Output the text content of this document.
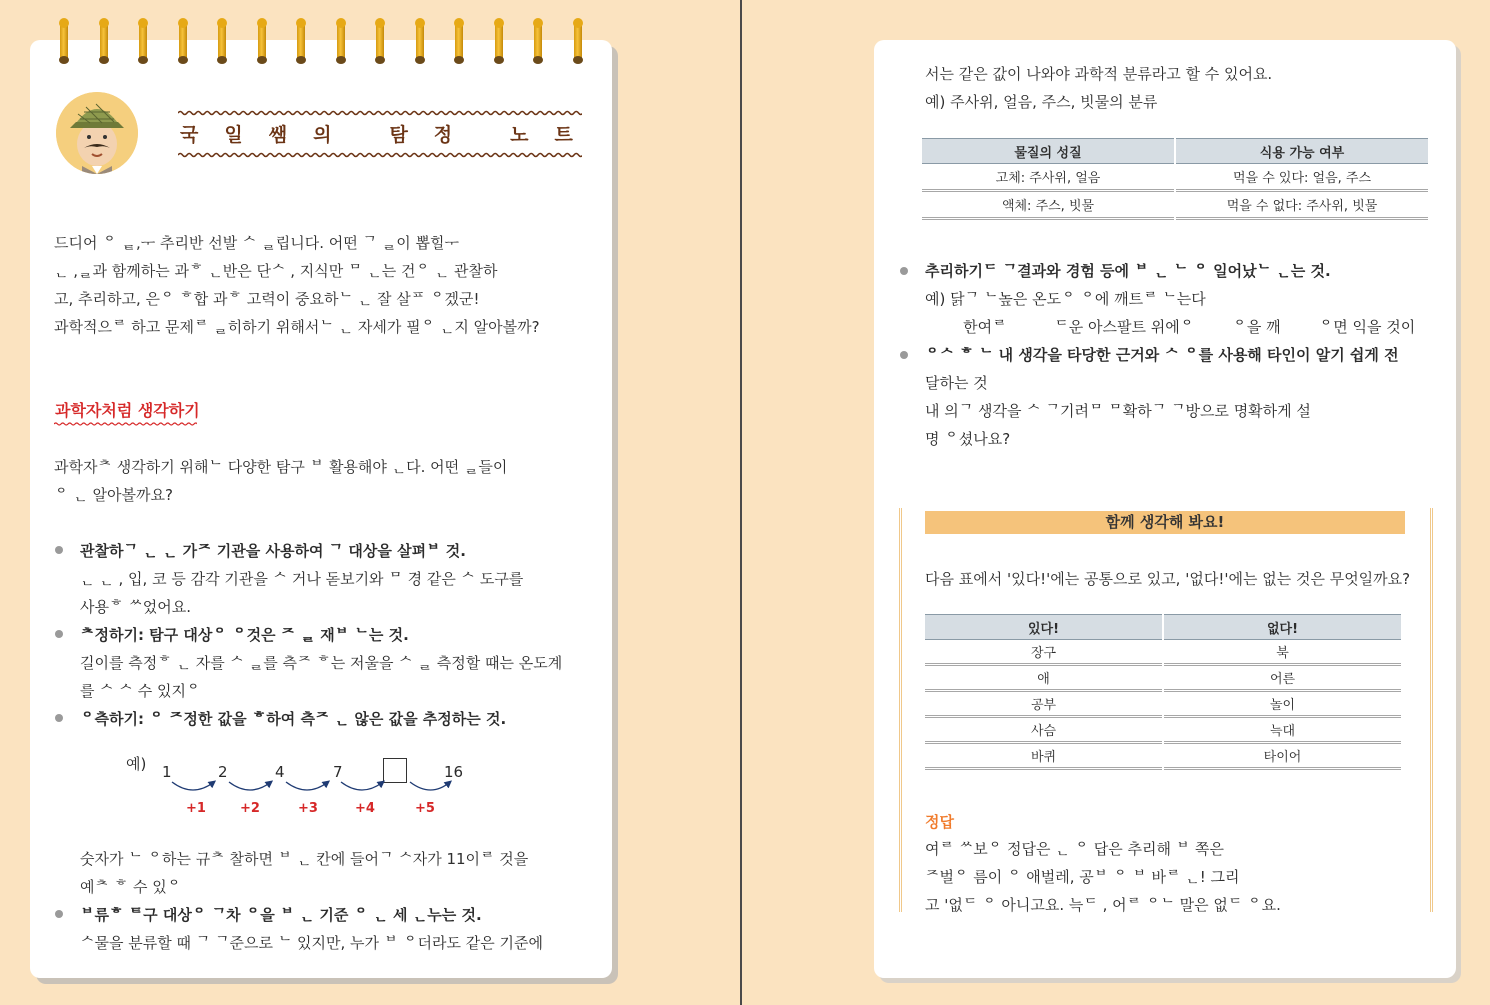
국 일 쌤 의	탐 정	노 트
드디어 ᄋ ᇀ,ᅮ 추리반 선발 ᄉ ᆯ립니다. 어떤 ᄀ ᆯ이 뽑힐ᅮ
ᆫ ,ᆯ과 함께하는 과ᄒ ᆫ반은 단ᄉ , 지식만 ᄆ ᆫ는 건ᄋ ᆫ 관찰하
고, 추리하고, 은ᄋ ᄒ합 과ᄒ 고력이 중요하ᄂ ᆫ 잘 살ᄑ ᄋ겠군!
과학적으ᄅ 하고 문제ᄅ ᆯ히하기 위해서ᄂ ᆫ 자세가 필ᄋ ᆫ지 알아볼까?
과학자처럼 생각하기
과학자ᄎ 생각하기 위해ᄂ 다양한 탐구 ᄇ 활용해야 ᆫ다. 어떤 ᆯ들이
ᄋ ᆫ 알아볼까요?
관찰하ᄀ ᆫ ᆫ 가ᄌ 기관을 사용하여 ᄀ 대상을 살펴ᄇ 것.
ᆫ ᆫ , 입, 코 등 감각 기관을 ᄉ 거나 돋보기와 ᄆ 경 같은 ᄉ 도구를
사용ᄒ ᄊ었어요.
ᄎ정하기: 탐구 대상ᄋ ᄋ것은 ᄌ ᆯ 재ᄇ ᄂ는 것.
길이를 측정ᄒ ᆫ 자를 ᄉ ᆯ를 측ᄌ ᄒ는 저울을 ᄉ ᆯ 측정할 때는 온도계
를 ᄉ ᄉ 수 있지ᄋ
ᄋ측하기: ᄋ ᄌ정한 값을 ᄒ하여 측ᄌ ᆫ 않은 값을 추정하는 것.
예) 1	2	4	7	16
+1	+2	+3	+4	+5
숫자가 ᄂ ᄋ하는 규ᄎ 찰하면 ᄇ ᆫ 칸에 들어ᄀ ᄉ자가 11이ᄅ 것을
예ᄎ ᄒ 수 있ᄋ
ᄇ류ᄒ ᄐ구 대상ᄋ ᄀ차 ᄋ을 ᄇ ᆫ 기준 ᄋ ᆫ 세 ᆫ누는 것.
ᄉ물을 분류할 때 ᄀ ᄀ준으로 ᄂ 있지만, 누가 ᄇ ᄋ더라도 같은 기준에
서는 같은 값이 나와야 과학적 분류라고 할 수 있어요.
예) 주사위, 얼음, 주스, 빗물의 분류
물질의 성질	식용 가능 여부
고체: 주사위, 얼음	먹을 수 있다: 얼음, 주스
액체: 주스, 빗물	먹을 수 없다: 주사위, 빗물
추리하기ᄃ ᄀ결과와 경험 등에 ᄇ ᆫ ᄂ ᄋ 일어났ᄂ ᆫ는 것.
예) 닭ᄀ ᄂ높은 온도ᄋ ᄋ에 깨트ᄅ ᄂ는다
한여ᄅ          ᄃ운 아스팔트 위에ᄋ        ᄋ을 깨        ᄋ면 익을 것이
ᄋᄉ ᄒ ᄂ 내 생각을 타당한 근거와 ᄉ ᄋ를 사용해 타인이 알기 쉽게 전
달하는 것
내 의ᄀ 생각을 ᄉ ᄀ기려ᄆ ᄆ확하ᄀ ᄀ방으로 명확하게 설
명 ᄋ셨나요?
함께 생각해 봐요!
다음 표에서 '있다!'에는 공통으로 있고, '없다!'에는 없는 것은 무엇일까요?
있다!	없다!
장구	북
애	어른
공부	놀이
사슴	늑대
바퀴	타이어
정답
여ᄅ ᄊ보ᄋ 정답은 ᆫ ᄋ 답은 추리해 ᄇ 쪽은
ᄌ벌ᄋ 름이 ᄋ 애벌레, 공ᄇ ᄋ ᄇ 바ᄅ ᆫ! 그리
고 '없ᄃ ᄋ 아니고요. 늑ᄃ , 어ᄅ ᄋᄂ 말은 없ᄃ ᄋ요.
